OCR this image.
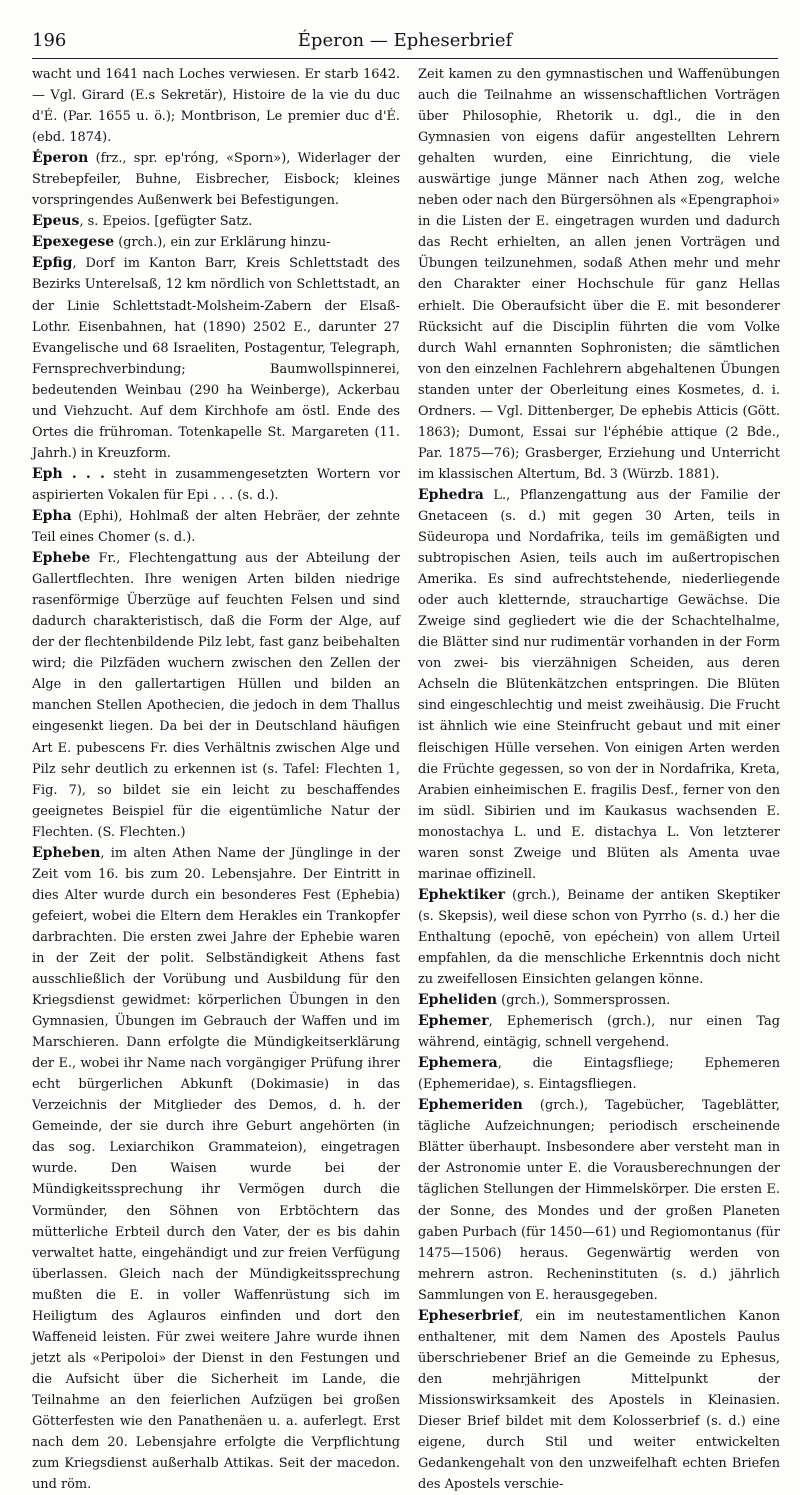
196	Éperon — Epheserbrief

wacht und 1641 nach Loches verwiesen. Er starb 1642. — Vgl. Girard (E.s Sekretär), Histoire de la vie du duc d'É. (Par. 1655 u. ö.); Montbrison, Le premier duc d'É. (ebd. 1874).

Éperon (frz., spr. ep'róng, «Sporn»), Widerlager der Strebepfeiler, Buhne, Eisbrecher, Eisbock; kleines vorspringendes Außenwerk bei Befestigungen.

Epeus, s. Epeios. [gefügter Satz.

Epexegese (grch.), ein zur Erklärung hinzu-

Epfig, Dorf im Kanton Barr, Kreis Schlettstadt des Bezirks Unterelsaß, 12 km nördlich von Schlettstadt, an der Linie Schlettstadt-Molsheim-Zabern der Elsaß-Lothr. Eisenbahnen, hat (1890) 2502 E., darunter 27 Evangelische und 68 Israeliten, Postagentur, Telegraph, Fernsprechverbindung; Baumwollspinnerei, bedeutenden Weinbau (290 ha Weinberge), Ackerbau und Viehzucht. Auf dem Kirchhofe am östl. Ende des Ortes die frühroman. Totenkapelle St. Margareten (11. Jahrh.) in Kreuzform.

Eph . . . steht in zusammengesetzten Wortern vor aspirierten Vokalen für Epi . . . (s. d.).

Epha (Ephi), Hohlmaß der alten Hebräer, der zehnte Teil eines Chomer (s. d.).

Ephebe Fr., Flechtengattung aus der Abteilung der Gallertflechten. Ihre wenigen Arten bilden niedrige rasenförmige Überzüge auf feuchten Felsen und sind dadurch charakteristisch, daß die Form der Alge, auf der der flechtenbildende Pilz lebt, fast ganz beibehalten wird; die Pilzfäden wuchern zwischen den Zellen der Alge in den gallertartigen Hüllen und bilden an manchen Stellen Apothecien, die jedoch in dem Thallus eingesenkt liegen. Da bei der in Deutschland häufigen Art E. pubescens Fr. dies Verhältnis zwischen Alge und Pilz sehr deutlich zu erkennen ist (s. Tafel: Flechten 1, Fig. 7), so bildet sie ein leicht zu beschaffendes geeignetes Beispiel für die eigentümliche Natur der Flechten. (S. Flechten.)

Epheben, im alten Athen Name der Jünglinge in der Zeit vom 16. bis zum 20. Lebensjahre. Der Eintritt in dies Alter wurde durch ein besonderes Fest (Ephebia) gefeiert, wobei die Eltern dem Herakles ein Trankopfer darbrachten. Die ersten zwei Jahre der Ephebie waren in der Zeit der polit. Selbständigkeit Athens fast ausschließlich der Vorübung und Ausbildung für den Kriegsdienst gewidmet: körperlichen Übungen in den Gymnasien, Übungen im Gebrauch der Waffen und im Marschieren. Dann erfolgte die Mündigkeitserklärung der E., wobei ihr Name nach vorgängiger Prüfung ihrer echt bürgerlichen Abkunft (Dokimasie) in das Verzeichnis der Mitglieder des Demos, d. h. der Gemeinde, der sie durch ihre Geburt angehörten (in das sog. Lexiarchikon Grammateion), eingetragen wurde. Den Waisen wurde bei der Mündigkeitssprechung ihr Vermögen durch die Vormünder, den Söhnen von Erbtöchtern das mütterliche Erbteil durch den Vater, der es bis dahin verwaltet hatte, eingehändigt und zur freien Verfügung überlassen. Gleich nach der Mündigkeitssprechung mußten die E. in voller Waffenrüstung sich im Heiligtum des Aglauros einfinden und dort den Waffeneid leisten. Für zwei weitere Jahre wurde ihnen jetzt als «Peripoloi» der Dienst in den Festungen und die Aufsicht über die Sicherheit im Lande, die Teilnahme an den feierlichen Aufzügen bei großen Götterfesten wie den Panathenäen u. a. auferlegt. Erst nach dem 20. Lebensjahre erfolgte die Verpflichtung zum Kriegsdienst außerhalb Attikas. Seit der macedon. und röm.

Zeit kamen zu den gymnastischen und Waffenübungen auch die Teilnahme an wissenschaftlichen Vorträgen über Philosophie, Rhetorik u. dgl., die in den Gymnasien von eigens dafür angestellten Lehrern gehalten wurden, eine Einrichtung, die viele auswärtige junge Männer nach Athen zog, welche neben oder nach den Bürgersöhnen als «Epengraphoi» in die Listen der E. eingetragen wurden und dadurch das Recht erhielten, an allen jenen Vorträgen und Übungen teilzunehmen, sodaß Athen mehr und mehr den Charakter einer Hochschule für ganz Hellas erhielt. Die Oberaufsicht über die E. mit besonderer Rücksicht auf die Disciplin führten die vom Volke durch Wahl ernannten Sophronisten; die sämtlichen von den einzelnen Fachlehrern abgehaltenen Übungen standen unter der Oberleitung eines Kosmetes, d. i. Ordners. — Vgl. Dittenberger, De ephebis Atticis (Gött. 1863); Dumont, Essai sur l'éphébie attique (2 Bde., Par. 1875—76); Grasberger, Erziehung und Unterricht im klassischen Altertum, Bd. 3 (Würzb. 1881).

Ephedra L., Pflanzengattung aus der Familie der Gnetaceen (s. d.) mit gegen 30 Arten, teils in Südeuropa und Nordafrika, teils im gemäßigten und subtropischen Asien, teils auch im außertropischen Amerika. Es sind aufrechtstehende, niederliegende oder auch kletternde, strauchartige Gewächse. Die Zweige sind gegliedert wie die der Schachtelhalme, die Blätter sind nur rudimentär vorhanden in der Form von zwei- bis vierzähnigen Scheiden, aus deren Achseln die Blütenkätzchen entspringen. Die Blüten sind eingeschlechtig und meist zweihäusig. Die Frucht ist ähnlich wie eine Steinfrucht gebaut und mit einer fleischigen Hülle versehen. Von einigen Arten werden die Früchte gegessen, so von der in Nordafrika, Kreta, Arabien einheimischen E. fragilis Desf., ferner von den im südl. Sibirien und im Kaukasus wachsenden E. monostachya L. und E. distachya L. Von letzterer waren sonst Zweige und Blüten als Amenta uvae marinae offizinell.

Ephektiker (grch.), Beiname der antiken Skeptiker (s. Skepsis), weil diese schon von Pyrrho (s. d.) her die Enthaltung (epochē, von epéchein) von allem Urteil empfahlen, da die menschliche Erkenntnis doch nicht zu zweifellosen Einsichten gelangen könne.

Epheliden (grch.), Sommersprossen.

Ephemer, Ephemerisch (grch.), nur einen Tag während, eintägig, schnell vergehend.

Ephemera, die Eintagsfliege; Ephemeren (Ephemeridae), s. Eintagsfliegen.

Ephemeriden (grch.), Tagebücher, Tageblätter, tägliche Aufzeichnungen; periodisch erscheinende Blätter überhaupt. Insbesondere aber versteht man in der Astronomie unter E. die Vorausberechnungen der täglichen Stellungen der Himmelskörper. Die ersten E. der Sonne, des Mondes und der großen Planeten gaben Purbach (für 1450—61) und Regiomontanus (für 1475—1506) heraus. Gegenwärtig werden von mehrern astron. Recheninstituten (s. d.) jährlich Sammlungen von E. herausgegeben.

Epheserbrief, ein im neutestamentlichen Kanon enthaltener, mit dem Namen des Apostels Paulus überschriebener Brief an die Gemeinde zu Ephesus, den mehrjährigen Mittelpunkt der Missionswirksamkeit des Apostels in Kleinasien. Dieser Brief bildet mit dem Kolosserbrief (s. d.) eine eigene, durch Stil und weiter entwickelten Gedankengehalt von den unzweifelhaft echten Briefen des Apostels verschie-
